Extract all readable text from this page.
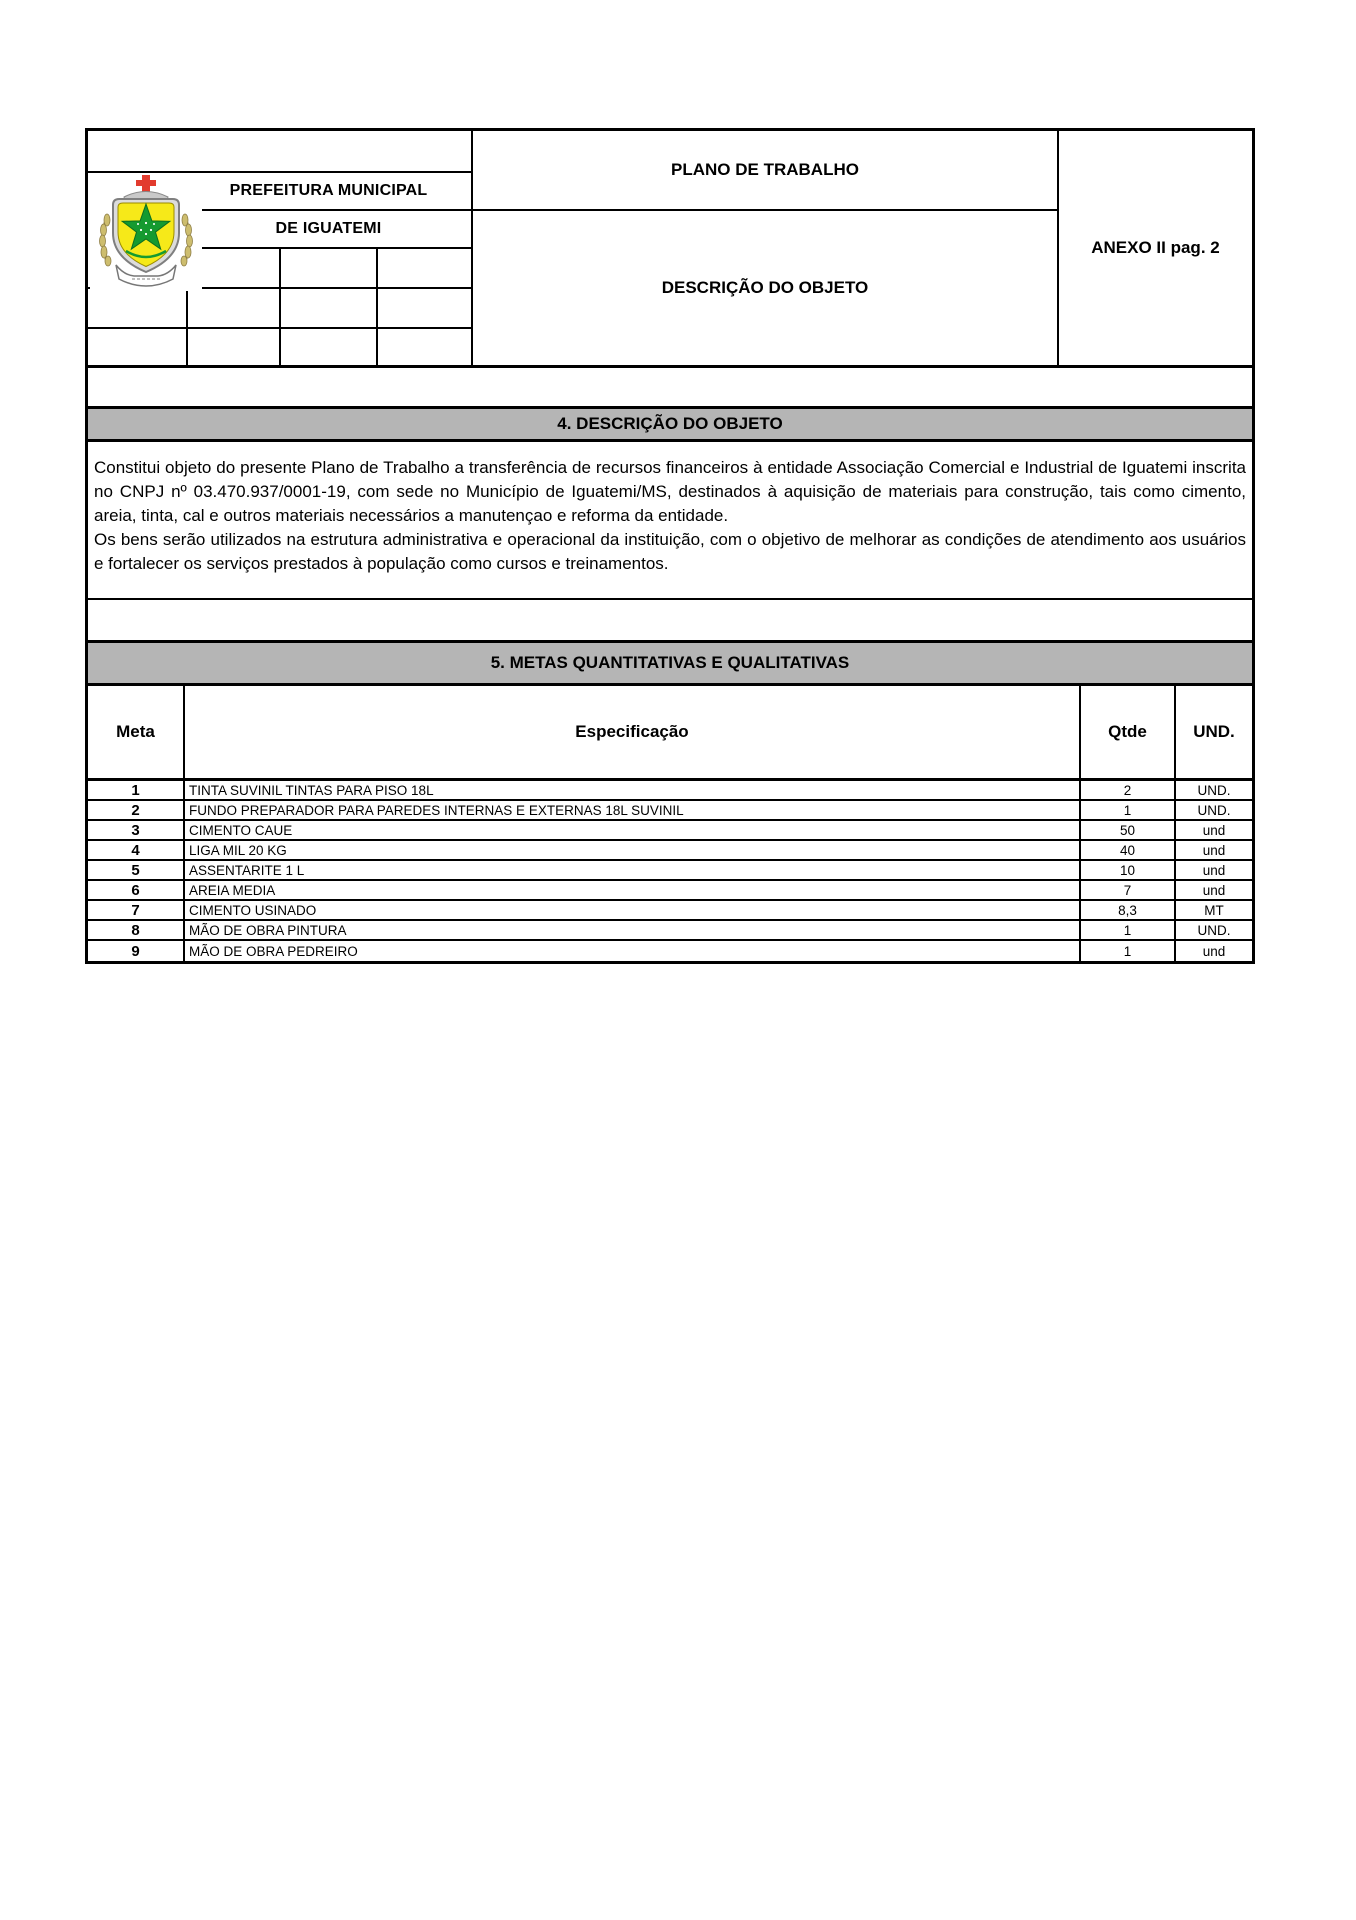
PREFEITURA MUNICIPAL
DE IGUATEMI
PLANO DE TRABALHO
DESCRIÇÃO DO OBJETO
ANEXO II pag. 2
4. DESCRIÇÃO DO OBJETO

Constitui objeto do presente Plano de Trabalho a transferência de recursos financeiros à entidade Associação Comercial e Industrial de Iguatemi inscrita no CNPJ nº 03.470.937/0001-19, com sede no Município de Iguatemi/MS, destinados à aquisição de materiais para construção, tais como cimento, areia, tinta, cal e outros materiais necessários a manutençao e reforma da entidade.

Os bens serão utilizados na estrutura administrativa e operacional da instituição, com o objetivo de melhorar as condições de atendimento aos usuários e fortalecer os serviços prestados à população como cursos e treinamentos.

5. METAS QUANTITATIVAS E QUALITATIVAS
Meta	Especificação	Qtde	UND.
1	TINTA SUVINIL TINTAS PARA PISO 18L	2	UND.
2	FUNDO PREPARADOR PARA PAREDES INTERNAS E EXTERNAS 18L SUVINIL	1	UND.
3	CIMENTO CAUE	50	und
4	LIGA MIL 20 KG	40	und
5	ASSENTARITE 1 L	10	und
6	AREIA MEDIA	7	und
7	CIMENTO USINADO	8,3	MT
8	MÃO DE OBRA PINTURA	1	UND.
9	MÃO DE OBRA PEDREIRO	1	und
